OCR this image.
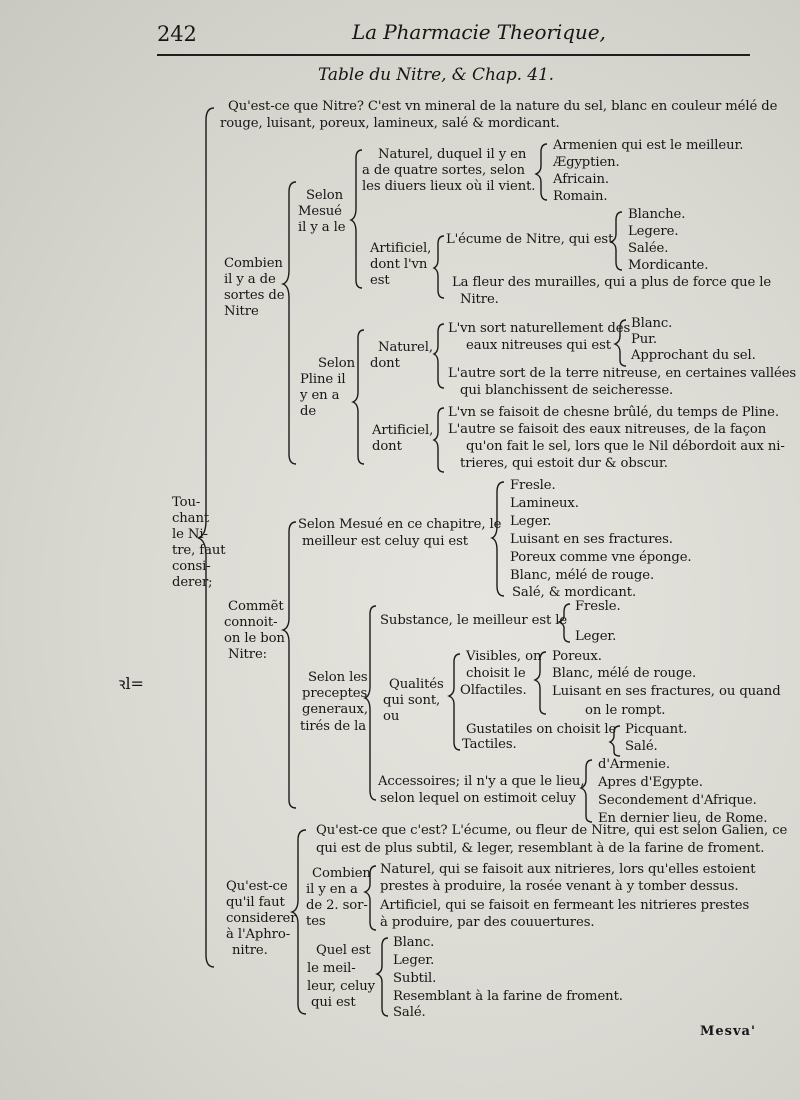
242	La Pharmacie Theorique,
Table du Nitre, & Chap. 41.
Tou-
chant
le Ni-
tre, faut
consi-
derer;
Qu'est-ce que Nitre? C'est vn mineral de la nature du sel, blanc en couleur mélé de
rouge, luisant, poreux, lamineux, salé & mordicant.
Combien
il y a de
sortes de
Nitre
Selon
Mesué
il y a le
Naturel, duquel il y en
a de quatre sortes, selon
les diuers lieux où il vient.
Armenien qui est le meilleur.
Ægyptien.
Africain.
Romain.
Artificiel,
dont l'vn
est
L'écume de Nitre, qui est
Blanche.
Legere.
Salée.
Mordicante.
La fleur des murailles, qui a plus de force que le
Nitre.
Selon
Pline il
y en a
de
Naturel,
dont
L'vn sort naturellement des
eaux nitreuses qui est
Blanc.
Pur.
Approchant du sel.
L'autre sort de la terre nitreuse, en certaines vallées
qui blanchissent de seicheresse.
Artificiel,
dont
L'vn se faisoit de chesne brûlé, du temps de Pline.
L'autre se faisoit des eaux nitreuses, de la façon
qu'on fait le sel, lors que le Nil débordoit aux ni-
trieres, qui estoit dur & obscur.
Commẽt
connoit-
on le bon
Nitre:
Selon Mesué en ce chapitre, le
meilleur est celuy qui est
Fresle.
Lamineux.
Leger.
Luisant en ses fractures.
Poreux comme vne éponge.
Blanc, mélé de rouge.
Salé, & mordicant.
Selon les
preceptes
generaux,
tirés de la
Substance, le meilleur est le
Fresle.
Leger.
Qualités
qui sont,
ou
Visibles, on
choisit le
Olfactiles.
Poreux.
Blanc, mélé de rouge.
Luisant en ses fractures, ou quand
on le rompt.
Gustatiles on choisit le Picquant.
Salé.
Tactiles.
Accessoires; il n'y a que le lieu,
selon lequel on estimoit celuy
d'Armenie.
Apres d'Egypte.
Secondement d'Afrique.
En dernier lieu, de Rome.
Qu'est-ce
qu'il faut
considerer
à l'Aphro-
nitre.
Qu'est-ce que c'est? L'écume, ou fleur de Nitre, qui est selon Galien, ce
qui est de plus subtil, & leger, resemblant à de la farine de froment.
Combien
il y en a
de 2. sor-
tes
Naturel, qui se faisoit aux nitrieres, lors qu'elles estoient
prestes à produire, la rosée venant à y tomber dessus.
Artificiel, qui se faisoit en fermeant les nitrieres prestes
à produire, par des couuertures.
Quel est
le meil-
leur, celuy
qui est
Blanc.
Leger.
Subtil.
Resemblant à la farine de froment.
Salé.
ꝛl=
Mesva'
